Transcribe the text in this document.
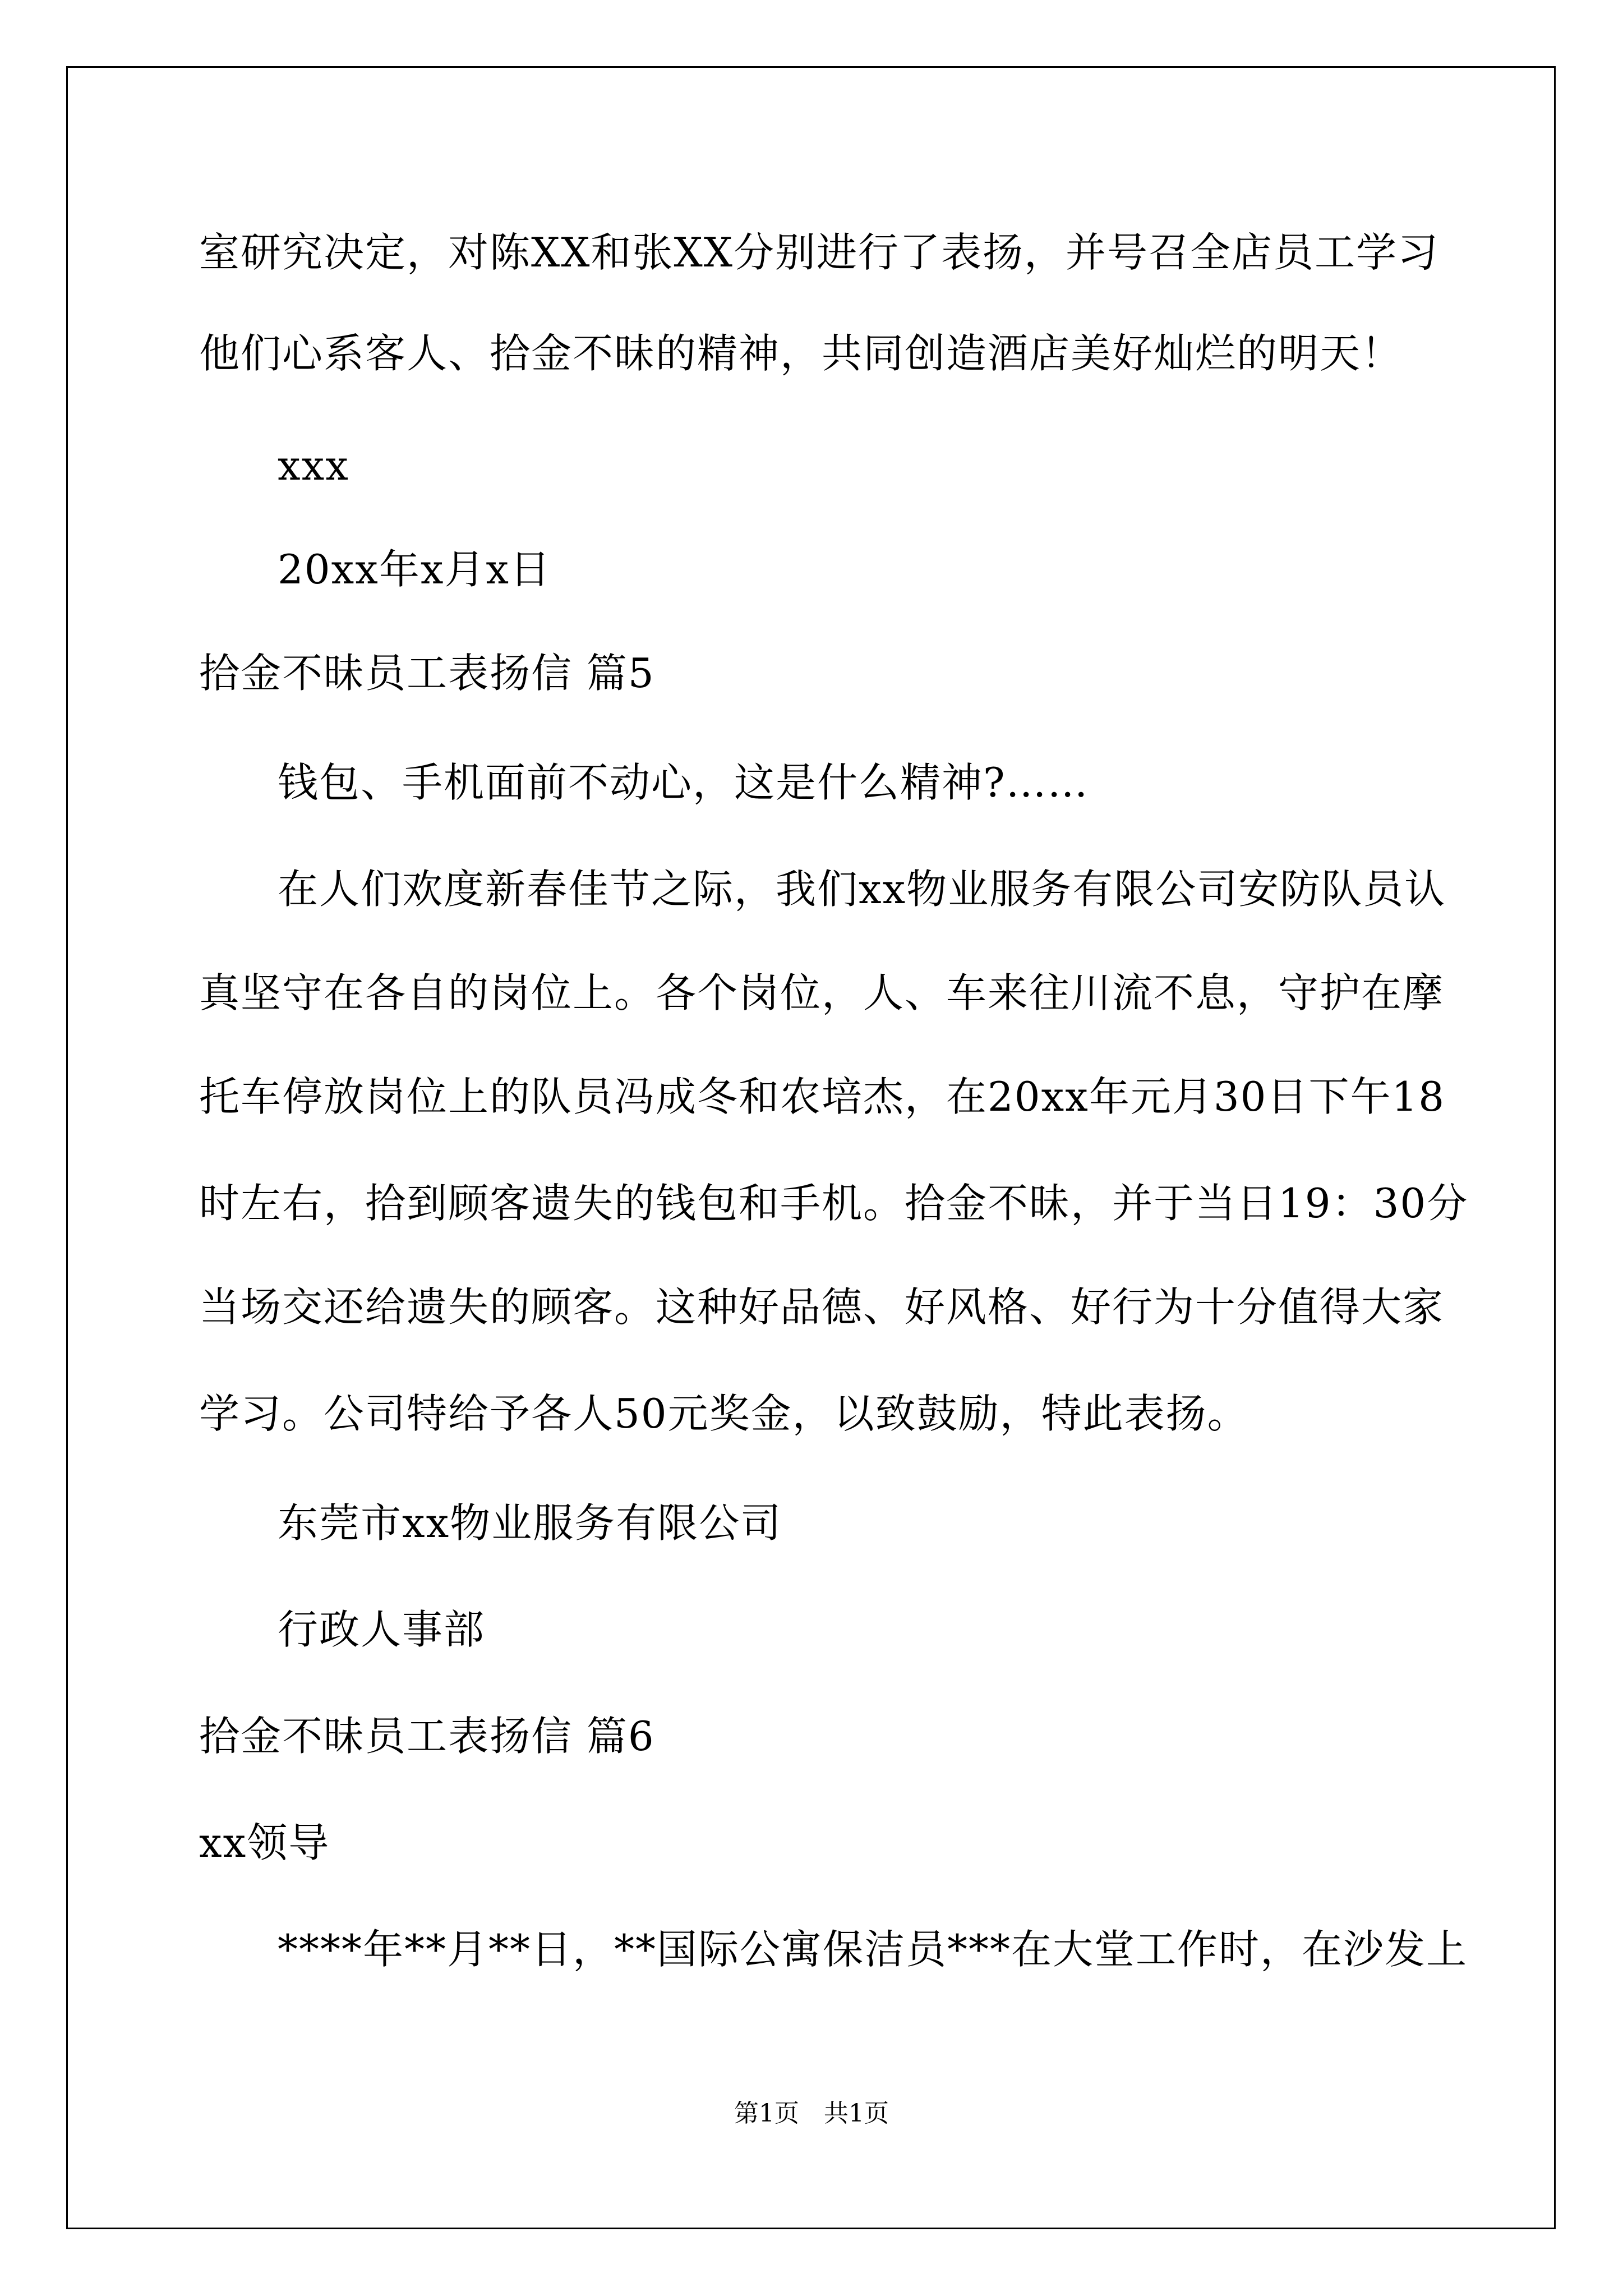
室研究决定，对陈XX和张XX分别进行了表扬，并号召全店员工学习
他们心系客人、拾金不昧的精神，共同创造酒店美好灿烂的明天！
xxx
20xx年x月x日
拾金不昧员工表扬信 篇5
钱包、手机面前不动心，这是什么精神?……
在人们欢度新春佳节之际，我们xx物业服务有限公司安防队员认
真坚守在各自的岗位上。各个岗位，人、车来往川流不息，守护在摩
托车停放岗位上的队员冯成冬和农培杰，在20xx年元月30日下午18
时左右，拾到顾客遗失的钱包和手机。拾金不昧，并于当日19：30分
当场交还给遗失的顾客。这种好品德、好风格、好行为十分值得大家
学习。公司特给予各人50元奖金，以致鼓励，特此表扬。
东莞市xx物业服务有限公司
行政人事部
拾金不昧员工表扬信 篇6
xx领导
****年**月**日，**国际公寓保洁员***在大堂工作时，在沙发上
第1页　共1页
